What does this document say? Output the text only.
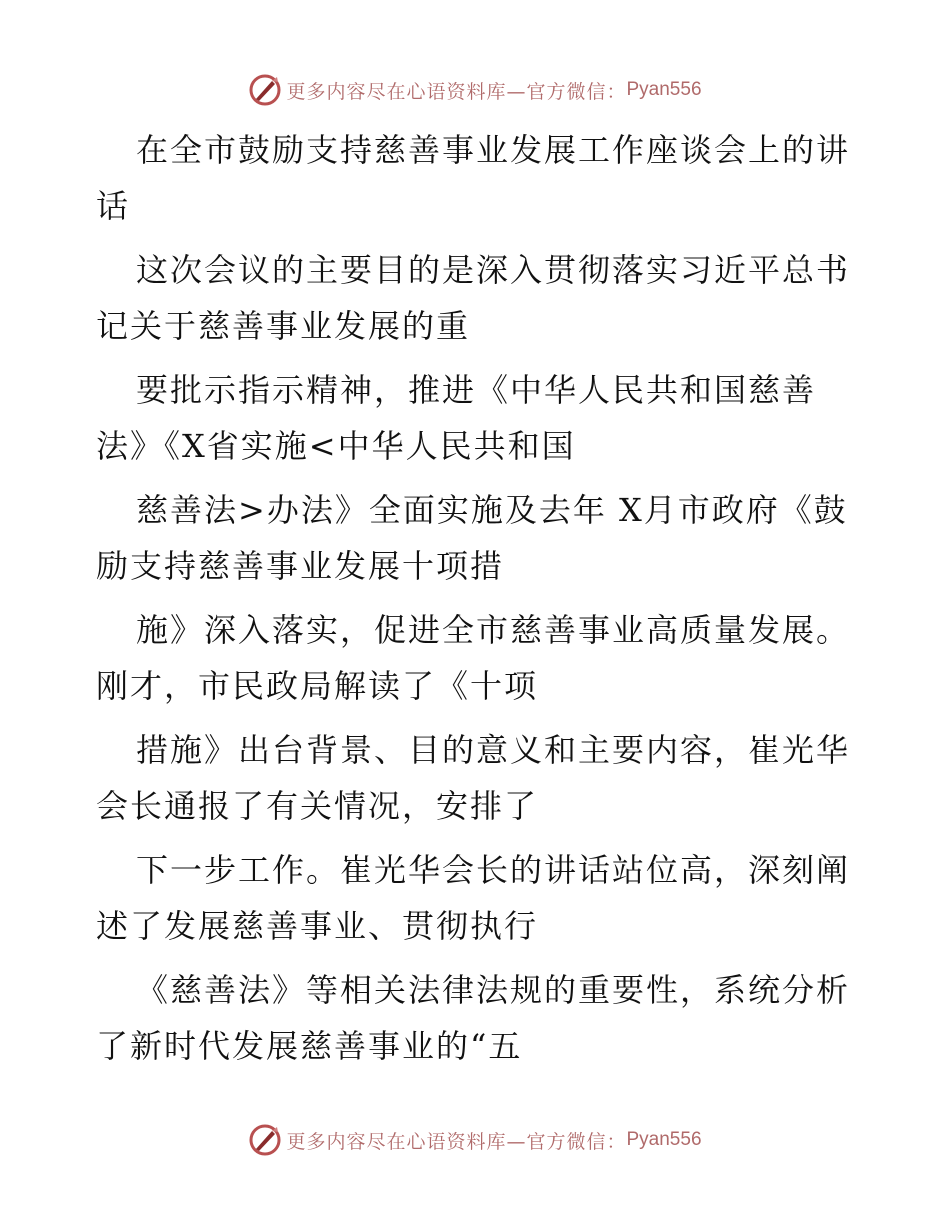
更多内容尽在心语资料库—官方微信： Pyan556

在全市鼓励支持慈善事业发展工作座谈会上的讲话

这次会议的主要目的是深入贯彻落实习近平总书记关于慈善事业发展的重

要批示指示精神，推进《中华人民共和国慈善法》《X省实施<中华人民共和国

慈善法>办法》全面实施及去年 X月市政府《鼓励支持慈善事业发展十项措

施》深入落实，促进全市慈善事业高质量发展。刚才，市民政局解读了《十项

措施》出台背景、目的意义和主要内容，崔光华会长通报了有关情况，安排了

下一步工作。崔光华会长的讲话站位高，深刻阐述了发展慈善事业、贯彻执行

《慈善法》等相关法律法规的重要性，系统分析了新时代发展慈善事业的“五

更多内容尽在心语资料库—官方微信： Pyan556
